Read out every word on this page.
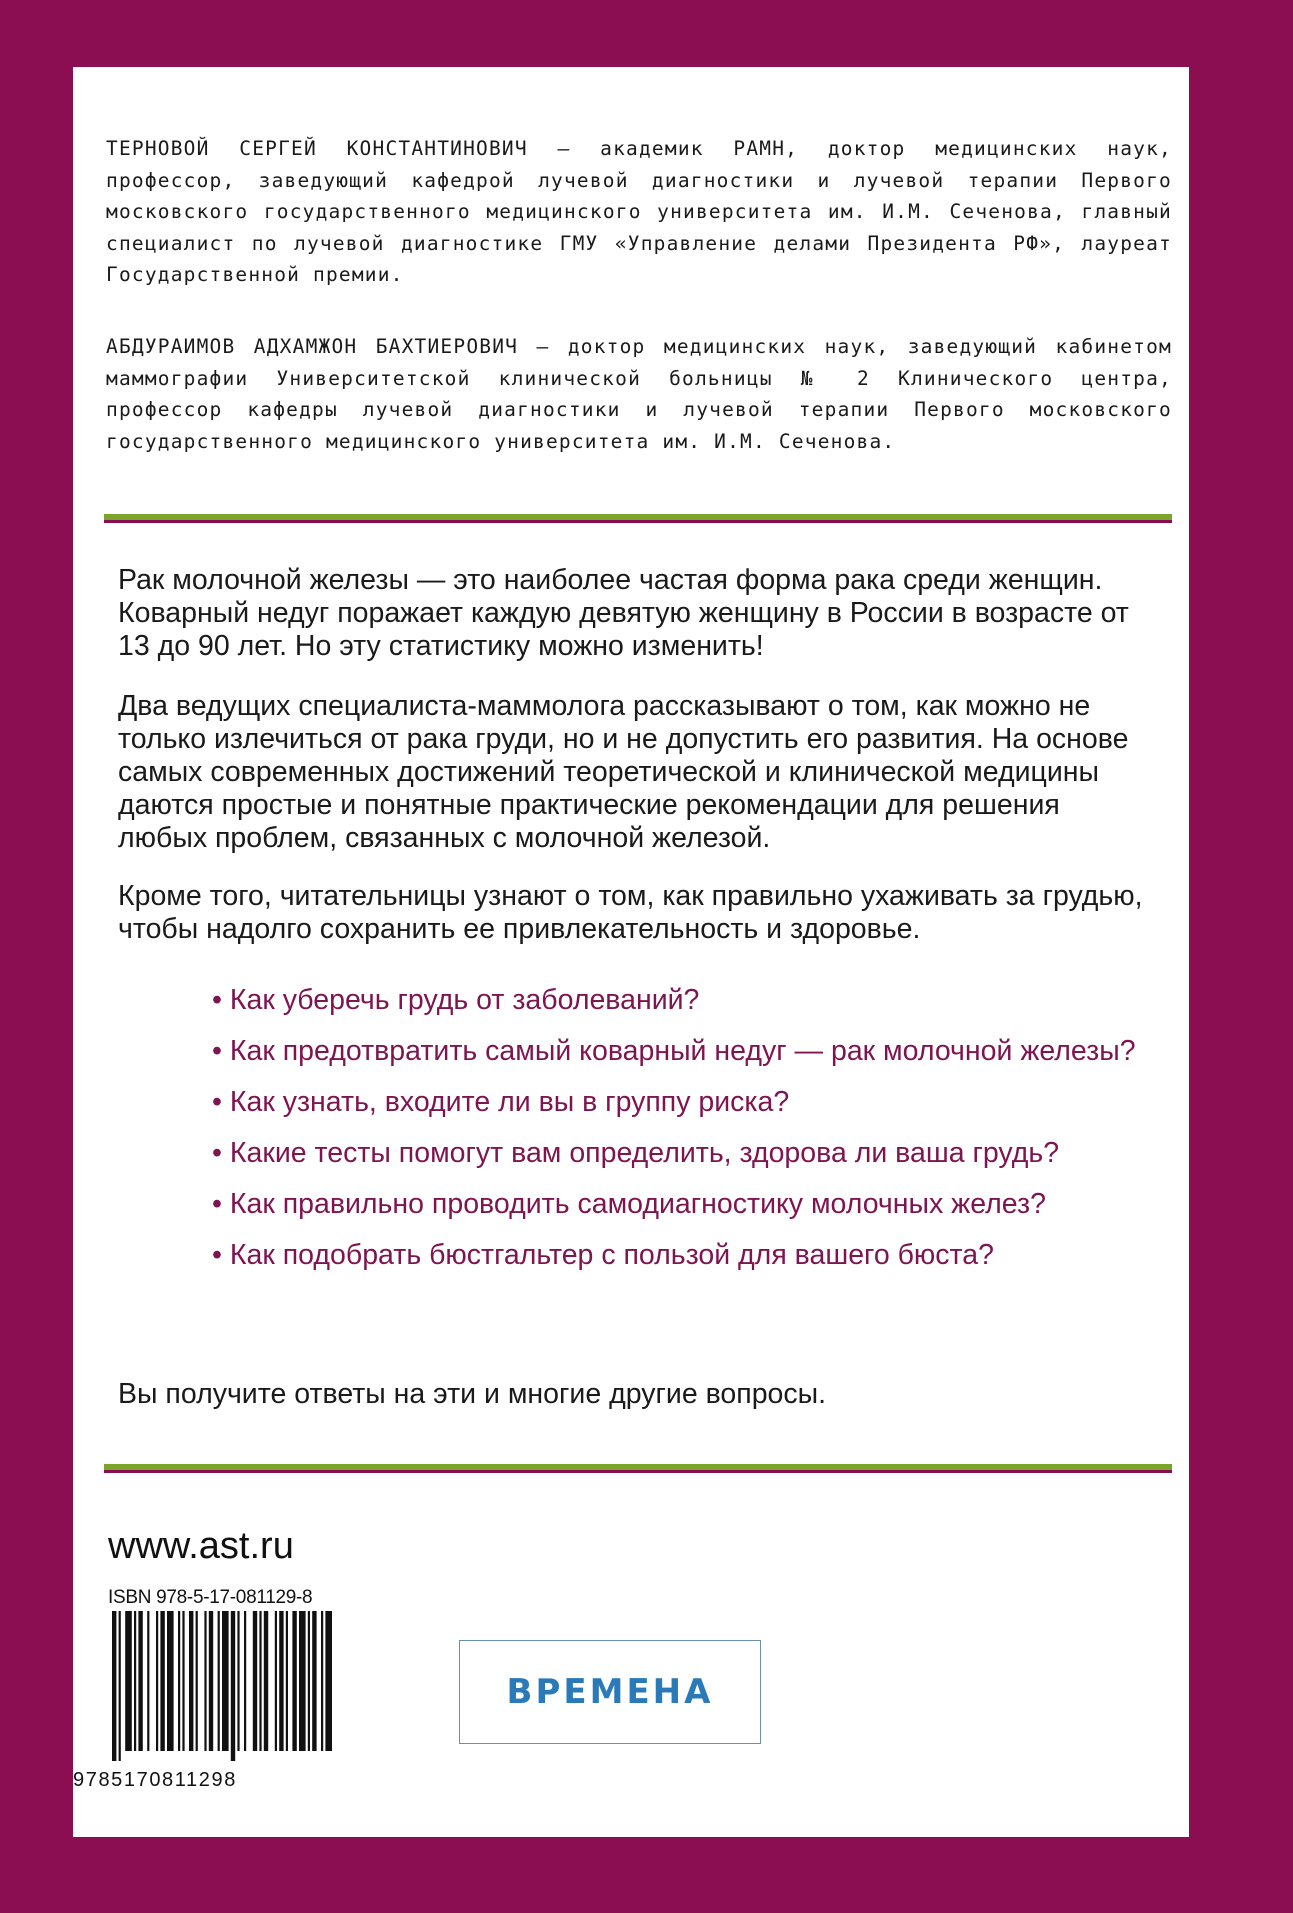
ТЕРНОВОЙ СЕРГЕЙ КОНСТАНТИНОВИЧ — академик РАМН, доктор медицинских наук, профессор, заведующий кафедрой лучевой диагностики и лучевой терапии Первого московского государственного медицинского университета им. И.М. Сеченова, главный специалист по лучевой диагностике ГМУ «Управление делами Президента РФ», лауреат Государственной премии.
АБДУРАИМОВ АДХАМЖОН БАХТИЕРОВИЧ — доктор медицинских наук, заведующий кабинетом маммографии Университетской клинической больницы № 2 Клинического центра, профессор кафедры лучевой диагностики и лучевой терапии Первого московского государственного медицинского университета им. И.М. Сеченова.
Рак молочной железы — это наиболее частая форма рака среди женщин. Коварный недуг поражает каждую девятую женщину в России в возрасте от 13 до 90 лет. Но эту статистику можно изменить!
Два ведущих специалиста-маммолога рассказывают о том, как можно не только излечиться от рака груди, но и не допустить его развития. На основе самых современных достижений теоретической и клинической медицины даются простые и понятные практические рекомендации для решения любых проблем, связанных с молочной железой.
Кроме того, читательницы узнают о том, как правильно ухаживать за грудью, чтобы надолго сохранить ее привлекательность и здоровье.
• Как уберечь грудь от заболеваний?
• Как предотвратить самый коварный недуг — рак молочной железы?
• Как узнать, входите ли вы в группу риска?
• Какие тесты помогут вам определить, здорова ли ваша грудь?
• Как правильно проводить самодиагностику молочных желез?
• Как подобрать бюстгальтер с пользой для вашего бюста?
Вы получите ответы на эти и многие другие вопросы.
www.ast.ru
ISBN 978-5-17-081129-8
9785170811298
ВРЕМЕНА
